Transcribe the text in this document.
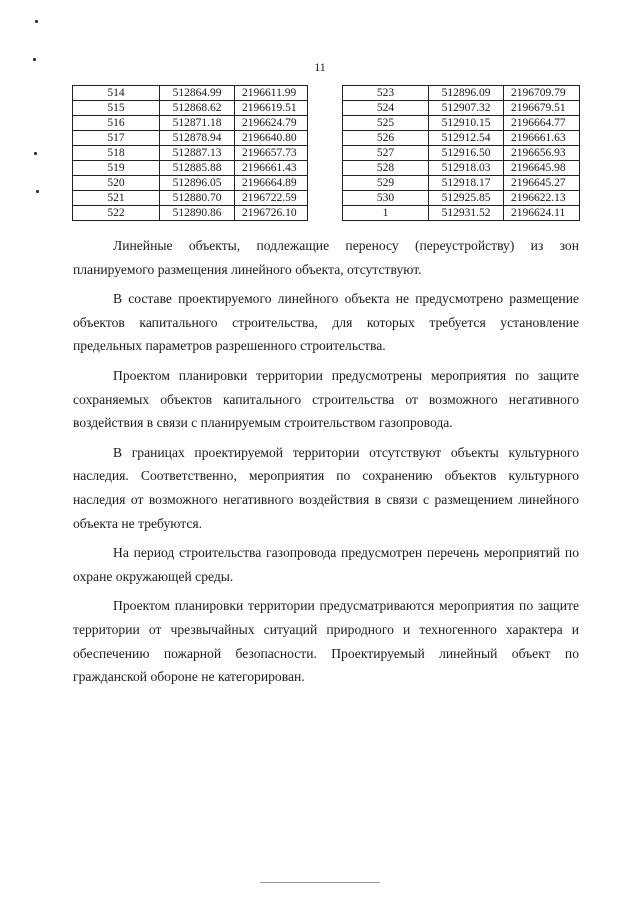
11
514	512864.99	2196611.99
515	512868.62	2196619.51
516	512871.18	2196624.79
517	512878.94	2196640.80
518	512887.13	2196657.73
519	512885.88	2196661.43
520	512896.05	2196664.89
521	512880.70	2196722.59
522	512890.86	2196726.10
523	512896.09	2196709.79
524	512907.32	2196679.51
525	512910.15	2196664.77
526	512912.54	2196661.63
527	512916.50	2196656.93
528	512918.03	2196645.98
529	512918.17	2196645.27
530	512925.85	2196622.13
1	512931.52	2196624.11

Линейные объекты, подлежащие переносу (переустройству) из зон планируемого размещения линейного объекта, отсутствуют.

В составе проектируемого линейного объекта не предусмотрено размещение объектов капитального строительства, для которых требуется установление предельных параметров разрешенного строительства.

Проектом планировки территории предусмотрены мероприятия по защите сохраняемых объектов капитального строительства от возможного негативного воздействия в связи с планируемым строительством газопровода.

В границах проектируемой территории отсутствуют объекты культурного наследия. Соответственно, мероприятия по сохранению объектов культурного наследия от возможного негативного воздействия в связи с размещением линейного объекта не требуются.

На период строительства газопровода предусмотрен перечень мероприятий по охране окружающей среды.

Проектом планировки территории предусматриваются мероприятия по защите территории от чрезвычайных ситуаций природного и техногенного характера и обеспечению пожарной безопасности. Проектируемый линейный объект по гражданской обороне не категорирован.
